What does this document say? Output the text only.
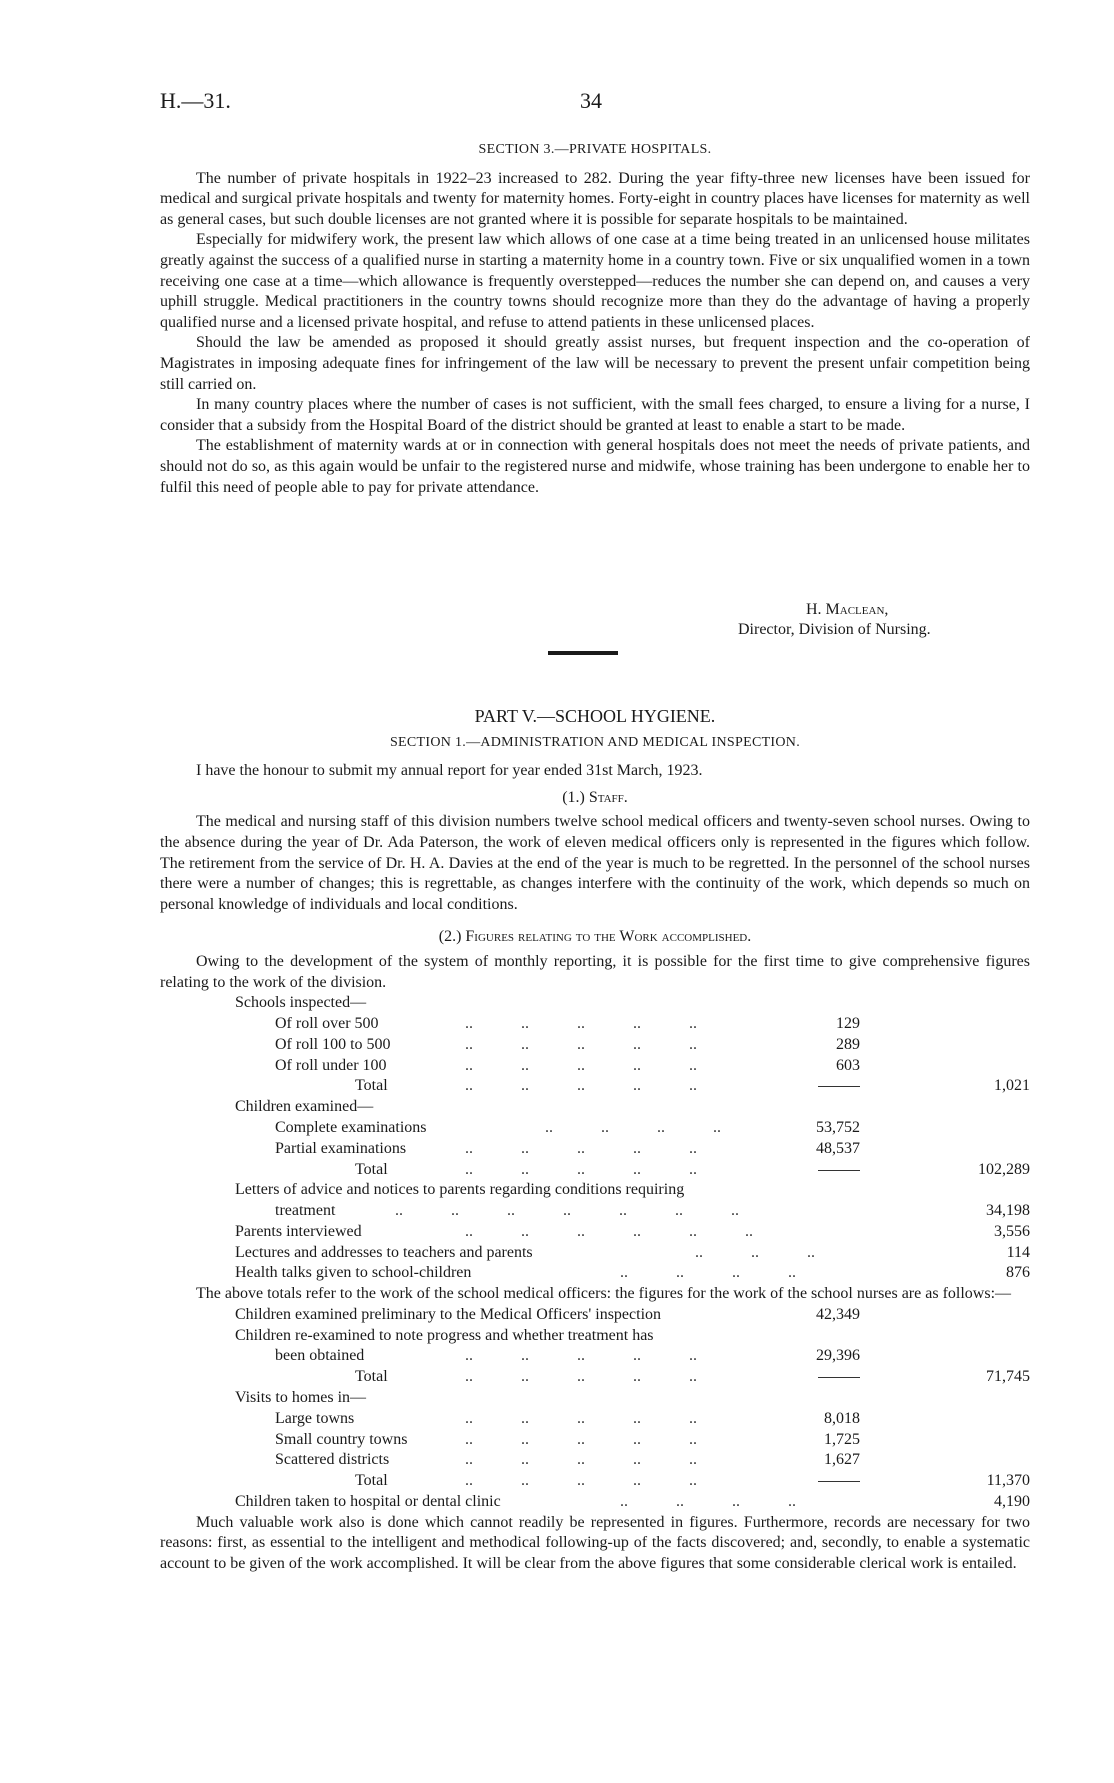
H.—31.	34
SECTION 3.—PRIVATE HOSPITALS.

The number of private hospitals in 1922–23 increased to 282. During the year fifty-three new licenses have been issued for medical and surgical private hospitals and twenty for maternity homes. Forty-eight in country places have licenses for maternity as well as general cases, but such double licenses are not granted where it is possible for separate hospitals to be maintained.

Especially for midwifery work, the present law which allows of one case at a time being treated in an unlicensed house militates greatly against the success of a qualified nurse in starting a maternity home in a country town. Five or six unqualified women in a town receiving one case at a time—which allowance is frequently overstepped—reduces the number she can depend on, and causes a very uphill struggle. Medical practitioners in the country towns should recognize more than they do the advantage of having a properly qualified nurse and a licensed private hospital, and refuse to attend patients in these unlicensed places.

Should the law be amended as proposed it should greatly assist nurses, but frequent inspection and the co-operation of Magistrates in imposing adequate fines for infringement of the law will be necessary to prevent the present unfair competition being still carried on.

In many country places where the number of cases is not sufficient, with the small fees charged, to ensure a living for a nurse, I consider that a subsidy from the Hospital Board of the district should be granted at least to enable a start to be made.

The establishment of maternity wards at or in connection with general hospitals does not meet the needs of private patients, and should not do so, as this again would be unfair to the registered nurse and midwife, whose training has been undergone to enable her to fulfil this need of people able to pay for private attendance.

H. Maclean,
Director, Division of Nursing.
PART V.—SCHOOL HYGIENE.
SECTION 1.—ADMINISTRATION AND MEDICAL INSPECTION.

I have the honour to submit my annual report for year ended 31st March, 1923.

(1.) Staff.

The medical and nursing staff of this division numbers twelve school medical officers and twenty-seven school nurses. Owing to the absence during the year of Dr. Ada Paterson, the work of eleven medical officers only is represented in the figures which follow. The retirement from the service of Dr. H. A. Davies at the end of the year is much to be regretted. In the personnel of the school nurses there were a number of changes; this is regrettable, as changes interfere with the continuity of the work, which depends so much on personal knowledge of individuals and local conditions.

(2.) Figures relating to the Work accomplished.

Owing to the development of the system of monthly reporting, it is possible for the first time to give comprehensive figures relating to the work of the division.

Schools inspected—
Of roll over 500	..            ..            ..            ..            ..	129
Of roll 100 to 500	..            ..            ..            ..            ..	289
Of roll under 100	..            ..            ..            ..            ..	603
Total	..            ..            ..            ..            ..	1,021
Children examined—
Complete examinations	..            ..            ..            ..	53,752
Partial examinations	..            ..            ..            ..            ..	48,537
Total	..            ..            ..            ..            ..	102,289
Letters of advice and notices to parents regarding conditions requiring
treatment	..            ..            ..            ..            ..            ..            ..	34,198
Parents interviewed	..            ..            ..            ..            ..            ..	3,556
Lectures and addresses to teachers and parents	..            ..            ..	114
Health talks given to school-children	..            ..            ..            ..	876

The above totals refer to the work of the school medical officers: the figures for the work of the school nurses are as follows:—

Children examined preliminary to the Medical Officers' inspection	42,349
Children re-examined to note progress and whether treatment has
been obtained	..            ..            ..            ..            ..	29,396
Total	..            ..            ..            ..            ..	71,745
Visits to homes in—
Large towns	..            ..            ..            ..            ..	8,018
Small country towns	..            ..            ..            ..            ..	1,725
Scattered districts	..            ..            ..            ..            ..	1,627
Total	..            ..            ..            ..            ..	11,370
Children taken to hospital or dental clinic	..            ..            ..            ..	4,190

Much valuable work also is done which cannot readily be represented in figures. Furthermore, records are necessary for two reasons: first, as essential to the intelligent and methodical following-up of the facts discovered; and, secondly, to enable a systematic account to be given of the work accomplished. It will be clear from the above figures that some considerable clerical work is entailed.
